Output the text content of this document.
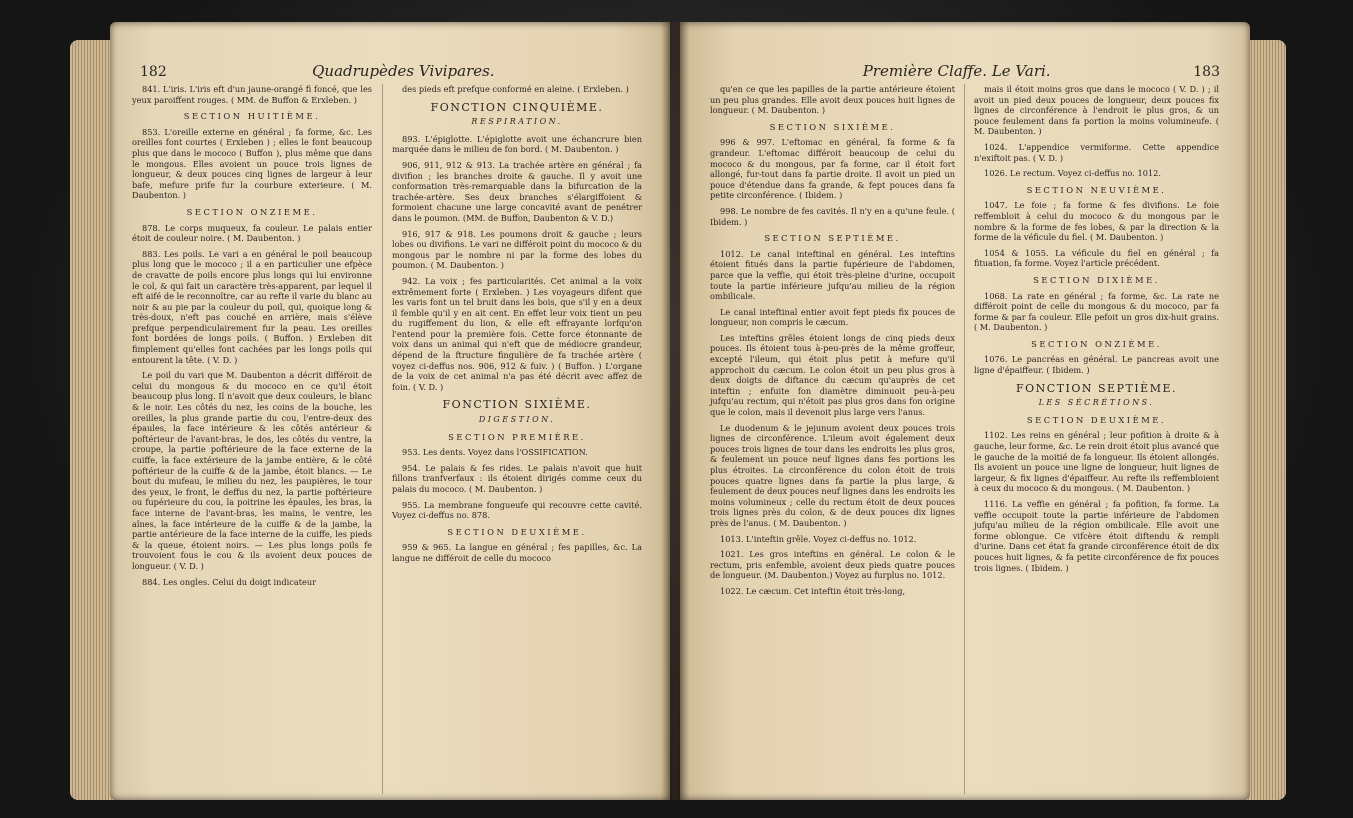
182	Quadrupèdes Vivipares.

841. L'iris. L'iris eft d'un jaune-orangé fi foncé, que les yeux paroiffent rouges. ( MM. de Buffon & Erxleben. )

SECTION HUITIÈME.

853. L'oreille externe en général ; fa forme, &c. Les oreilles font courtes ( Erxleben ) ; elles le font beaucoup plus que dans le mococo ( Buffon ), plus même que dans le mongous. Elles avoient un pouce trois lignes de longueur, & deux pouces cinq lignes de largeur à leur bafe, mefure prife fur la courbure exterieure. ( M. Daubenton. )

SECTION ONZIEME.

878. Le corps muqueux, fa couleur. Le palais entier étoit de couleur noire. ( M. Daubenton. )

883. Les poils. Le vari a en général le poil beaucoup plus long que le mococo ; il a en particulier une efpèce de cravatte de poils encore plus longs qui lui environne le col, & qui fait un caractère très-apparent, par lequel il eft aifé de le reconnoître, car au refte il varie du blanc au noir & au pie par la couleur du poil, qui, quoique long & très-doux, n'eft pas couché en arrière, mais s'élève prefque perpendiculairement fur la peau. Les oreilles font bordées de longs poils. ( Buffon. ) Erxleben dit fimplement qu'elles font cachées par les longs poils qui entourent la tête. ( V. D. )

Le poil du vari que M. Daubenton a décrit différoit de celui du mongous & du mococo en ce qu'il étoit beaucoup plus long. Il n'avoit que deux couleurs, le blanc & le noir. Les côtés du nez, les coins de la bouche, les oreilles, la plus grande partie du cou, l'entre-deux des épaules, la face intérieure & les côtés antérieur & poftérieur de l'avant-bras, le dos, les côtés du ventre, la croupe, la partie poftérieure de la face externe de la cuiffe, la face extérieure de la jambe entière, & le côté poftérieur de la cuiffe & de la jambe, étoit blancs. — Le bout du mufeau, le milieu du nez, les paupières, le tour des yeux, le front, le deffus du nez, la partie poftérieure ou fupérieure du cou, la poitrine les épaules, les bras, la face interne de l'avant-bras, les mains, le ventre, les aînes, la face intérieure de la cuiffe & de la jambe, la partie antérieure de la face interne de la cuiffe, les pieds & la queue, étoient noirs. — Les plus longs poils fe trouvoient fous le cou & ils avoient deux pouces de longueur. ( V. D. )

884. Les ongles. Celui du doigt indicateur

des pieds eft prefque conformé en aleine. ( Erxleben. )

FONCTION CINQUIÈME.
RESPIRATION.

893. L'épiglotte. L'épiglotte avoit une échancrure bien marquée dans le milieu de fon bord. ( M. Daubenton. )

906, 911, 912 & 913. La trachée artère en général ; fa divifion ; les branches droite & gauche. Il y avoit une conformation très-remarquable dans la bifurcation de la trachée-artère. Ses deux branches s'élargiffoient & formoient chacune une large concavité avant de penétrer dans le poumon. (MM. de Buffon, Daubenton & V. D.)

916, 917 & 918. Les poumons droit & gauche ; leurs lobes ou divifions. Le vari ne différoit point du mococo & du mongous par le nombre ni par la forme des lobes du poumon. ( M. Daubenton. )

942. La voix ; fes particularités. Cet animal a la voix extrêmement forte ( Erxleben. ) Les voyageurs difent que les varis font un tel bruit dans les bois, que s'il y en a deux il femble qu'il y en ait cent. En effet leur voix tient un peu du rugiffement du lion, & elle eft effrayante lorfqu'on l'entend pour la première fois. Cette force étonnante de voix dans un animal qui n'eft que de médiocre grandeur, dépend de la ftructure fingulière de fa trachée artère ( voyez ci-deffus nos. 906, 912 & fuiv. ) ( Buffon. ) L'organe de la voix de cet animal n'a pas été décrit avec affez de foin. ( V. D. )

FONCTION SIXIÈME.
DIGESTION.
SECTION PREMIÈRE.

953. Les dents. Voyez dans l'OSSIFICATION.

954. Le palais & fes rides. Le palais n'avoit que huit fillons tranfverfaux : ils étoient dirigés comme ceux du palais du mococo. ( M. Daubenton. )

955. La membrane fongueufe qui recouvre cette cavité. Voyez ci-deffus no. 878.

SECTION DEUXIÈME.

959 & 965. La langue en général ; fes papilles, &c. La langue ne différoit de celle du mococo

Première Claffe. Le Vari.	183

qu'en ce que les papilles de la partie antérieure étoient un peu plus grandes. Elle avoit deux pouces huit lignes de longueur. ( M. Daubenton. )

SECTION SIXIÈME.

996 & 997. L'eftomac en général, fa forme & fa grandeur. L'eftomac différoit beaucoup de celui du mococo & du mongous, par fa forme, car il étoit fort allongé, fur-tout dans fa partie droite. Il avoit un pied un pouce d'étendue dans fa grande, & fept pouces dans fa petite circonférence. ( Ibidem. )

998. Le nombre de fes cavités. Il n'y en a qu'une feule. ( Ibidem. )

SECTION SEPTIÈME.

1012. Le canal inteftinal en général. Les inteftins étoient fitués dans la partie fupérieure de l'abdomen, parce que la veffie, qui étoit très-pleine d'urine, occupoit toute la partie inférieure jufqu'au milieu de la région ombilicale.

Le canal inteftinal entier avoit fept pieds fix pouces de longueur, non compris le cæcum.

Les inteftins grêles étoient longs de cinq pieds deux pouces. Ils étoient tous à-peu-près de la même groffeur, excepté l'ileum, qui étoit plus petit à mefure qu'il approchoit du cæcum. Le colon étoit un peu plus gros à deux doigts de diftance du cæcum qu'auprès de cet inteftin ; enfuite fon diamètre diminuoit peu-à-peu jufqu'au rectum, qui n'étoit pas plus gros dans fon origine que le colon, mais il devenoit plus large vers l'anus.

Le duodenum & le jejunum avoient deux pouces trois lignes de circonférence. L'ileum avoit également deux pouces trois lignes de tour dans les endroits les plus gros, & feulement un pouce neuf lignes dans fes portions les plus étroites. La circonférence du colon étoit de trois pouces quatre lignes dans fa partie la plus large, & feulement de deux pouces neuf lignes dans les endroits les moins volumineux ; celle du rectum étoit de deux pouces trois lignes près du colon, & de deux pouces dix lignes près de l'anus. ( M. Daubenton. )

1013. L'inteftin grêle. Voyez ci-deffus no. 1012.

1021. Les gros inteftins en général. Le colon & le rectum, pris enfemble, avoient deux pieds quatre pouces de longueur. (M. Daubenton.) Voyez au furplus no. 1012.

1022. Le cæcum. Cet inteftin étoit très-long,

mais il étoit moins gros que dans le mococo ( V. D. ) ; il avoit un pied deux pouces de longueur, deux pouces fix lignes de circonférence à l'endroit le plus gros, & un pouce feulement dans fa portion la moins volumineufe. ( M. Daubenton. )

1024. L'appendice vermiforme. Cette appendice n'exiftoit pas. ( V. D. )

1026. Le rectum. Voyez ci-deffus no. 1012.

SECTION NEUVIÈME.

1047. Le foie ; fa forme & fes divifions. Le foie reffembloit à celui du mococo & du mongous par le nombre & la forme de fes lobes, & par la direction & la forme de la véficule du fiel. ( M. Daubenton. )

1054 & 1055. La véficule du fiel en général ; fa fituation, fa forme. Voyez l'article précédent.

SECTION DIXIÈME.

1068. La rate en général ; fa forme, &c. La rate ne différoit point de celle du mongous & du mococo, par fa forme & par fa couleur. Elle pefoit un gros dix-huit grains. ( M. Daubenton. )

SECTION ONZIÈME.

1076. Le pancréas en général. Le pancreas avoit une ligne d'épaiffeur. ( Ibidem. )

FONCTION SEPTIÈME.
LES SÉCRÉTIONS.
SECTION DEUXIÈME.

1102. Les reins en général ; leur pofition à droite & à gauche, leur forme, &c. Le rein droit étoit plus avancé que le gauche de la moitié de fa longueur. Ils étoient allongés. Ils avoient un pouce une ligne de longueur, huit lignes de largeur, & fix lignes d'épaiffeur. Au refte ils reffembloient à ceux du mococo & du mongous. ( M. Daubenton. )

1116. La veffie en général ; fa pofition, fa forme. La veffie occupoit toute la partie inférieure de l'abdomen jufqu'au milieu de la région ombilicale. Elle avoit une forme oblongue. Ce vifcère étoit diftendu & rempli d'urine. Dans cet état fa grande circonférence étoit de dix pouces huit lignes, & fa petite circonférence de fix pouces trois lignes. ( Ibidem. )
